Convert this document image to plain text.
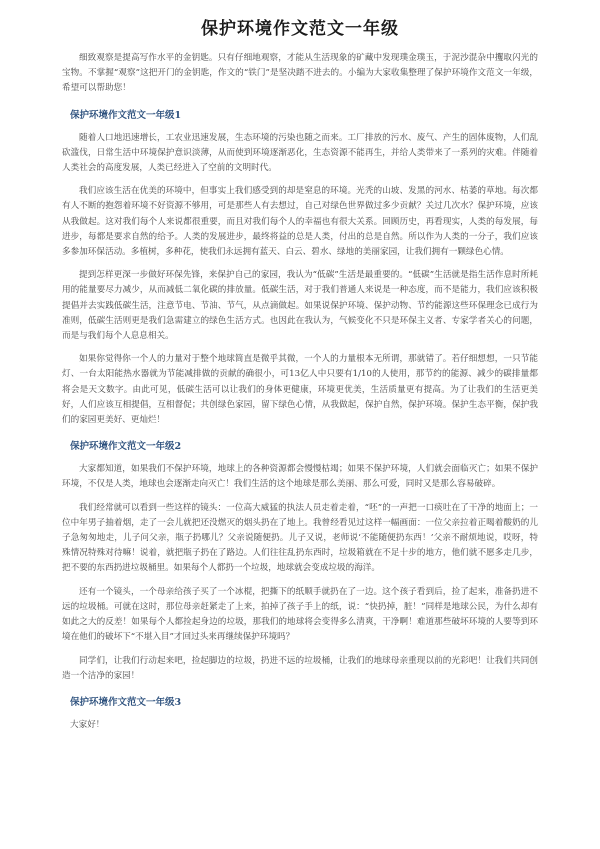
保护环境作文范文一年级

细致观察是提高写作水平的金钥匙。只有仔细地观察，才能从生活现象的矿藏中发现璞金璞玉，于泥沙混杂中攫取闪光的宝物。不掌握“观察”这把开门的金钥匙，作文的“铁门”是坚决踏不进去的。小编为大家收集整理了保护环境作文范文一年级，希望可以帮助您！

保护环境作文范文一年级1

随着人口地迅速增长，工农业迅速发展，生态环境的污染也随之而来。工厂排放的污水、废气、产生的固体废物，人们乱砍滥伐，日常生活中环境保护意识淡薄，从而使到环境逐渐恶化，生态资源不能再生，并给人类带来了一系列的灾难。伴随着人类社会的高度发展，人类已经进入了空前的文明时代。

我们应该生活在优美的环境中，但事实上我们感受到的却是窒息的环境。光秃的山坡、发黑的河水、枯萎的草地。每次都有人不断的抱怨着环境不好资源不够用，可是那些人有去想过，自己对绿色世界做过多少贡献？关过几次水？保护环境，应该从我做起。这对我们每个人来说都很重要，而且对我们每个人的幸福也有很大关系。回顾历史，再看现实，人类的每发展，每进步，每都是要求自然的给予。人类的发展进步，最终将益的总是人类，付出的总是自然。所以作为人类的一分子，我们应该多参加环保活动。多植树，多种花，使我们永远拥有蓝天、白云、碧水、绿地的美丽家园，让我们拥有一颗绿色心情。

提到怎样更深一步做好环保先锋，来保护自己的家园，我认为“低碳”生活是最重要的。“低碳”生活就是指生活作息时所耗用的能量要尽力减少，从而减低二氧化碳的排放量。低碳生活，对于我们普通人来说是一种态度，而不是能力，我们应该积极提倡并去实践低碳生活，注意节电、节油、节气，从点滴做起。如果说保护环境、保护动物、节约能源这些环保理念已成行为准则，低碳生活则更是我们急需建立的绿色生活方式。也因此在我认为，气候变化不只是环保主义者、专家学者关心的问题，而是与我们每个人息息相关。

如果你觉得你一个人的力量对于整个地球简直是微乎其微，一个人的力量根本无所谓，那就错了。若仔细想想，一只节能灯、一台太阳能热水器就为节能减排做的贡献的确很小，可13亿人中只要有1/10的人使用，那节约的能源、减少的碳排量都将会是天文数字。由此可见，低碳生活可以让我们的身体更健康，环境更优美，生活质量更有提高。为了让我们的生活更美好，人们应该互相提倡，互相督促；共创绿色家园，留下绿色心情，从我做起，保护自然，保护环境。保护生态平衡，保护我们的家园更美好、更灿烂！

保护环境作文范文一年级2

大家都知道，如果我们不保护环境，地球上的各种资源都会慢慢枯竭；如果不保护环境，人们就会面临灭亡；如果不保护环境，不仅是人类，地球也会逐渐走向灭亡！我们生活的这个地球是那么美丽、那么可爱，同时又是那么容易破碎。

我们经常就可以看到一些这样的镜头：一位高大威猛的执法人员走着走着，“呸”的一声把一口痰吐在了干净的地面上；一位中年男子抽着烟，走了一会儿就把还没燃灭的烟头扔在了地上。我曾经看见过这样一幅画面：一位父亲拉着正喝着酸奶的儿子急匆匆地走，儿子问父亲，瓶子扔哪儿？父亲说随便扔。儿子又说，老师说‘不能随便扔东西！’父亲不耐烦地说，哎呀，特殊情况特殊对待嘛！说着，就把瓶子扔在了路边。人们往往乱扔东西时，垃圾箱就在不足十步的地方，他们就不愿多走几步，把不要的东西扔进垃圾桶里。如果每个人都扔一个垃圾，地球就会变成垃圾的海洋。

还有一个镜头，一个母亲给孩子买了一个冰棍，把撕下的纸顺手就扔在了一边。这个孩子看到后，捡了起来，准备扔进不远的垃圾桶。可就在这时，那位母亲赶紧走了上来，拍掉了孩子手上的纸，说：“快扔掉，脏！”同样是地球公民，为什么却有如此之大的反差！如果每个人都捡起身边的垃圾，那我们的地球将会变得多么清爽，干净啊！难道那些破坏环境的人要等到环境在他们的破坏下“不堪入目”才回过头来再继续保护环境吗？

同学们，让我们行动起来吧，捡起脚边的垃圾，扔进不远的垃圾桶，让我们的地球母亲重现以前的光彩吧！让我们共同创造一个洁净的家园！

保护环境作文范文一年级3

大家好！
